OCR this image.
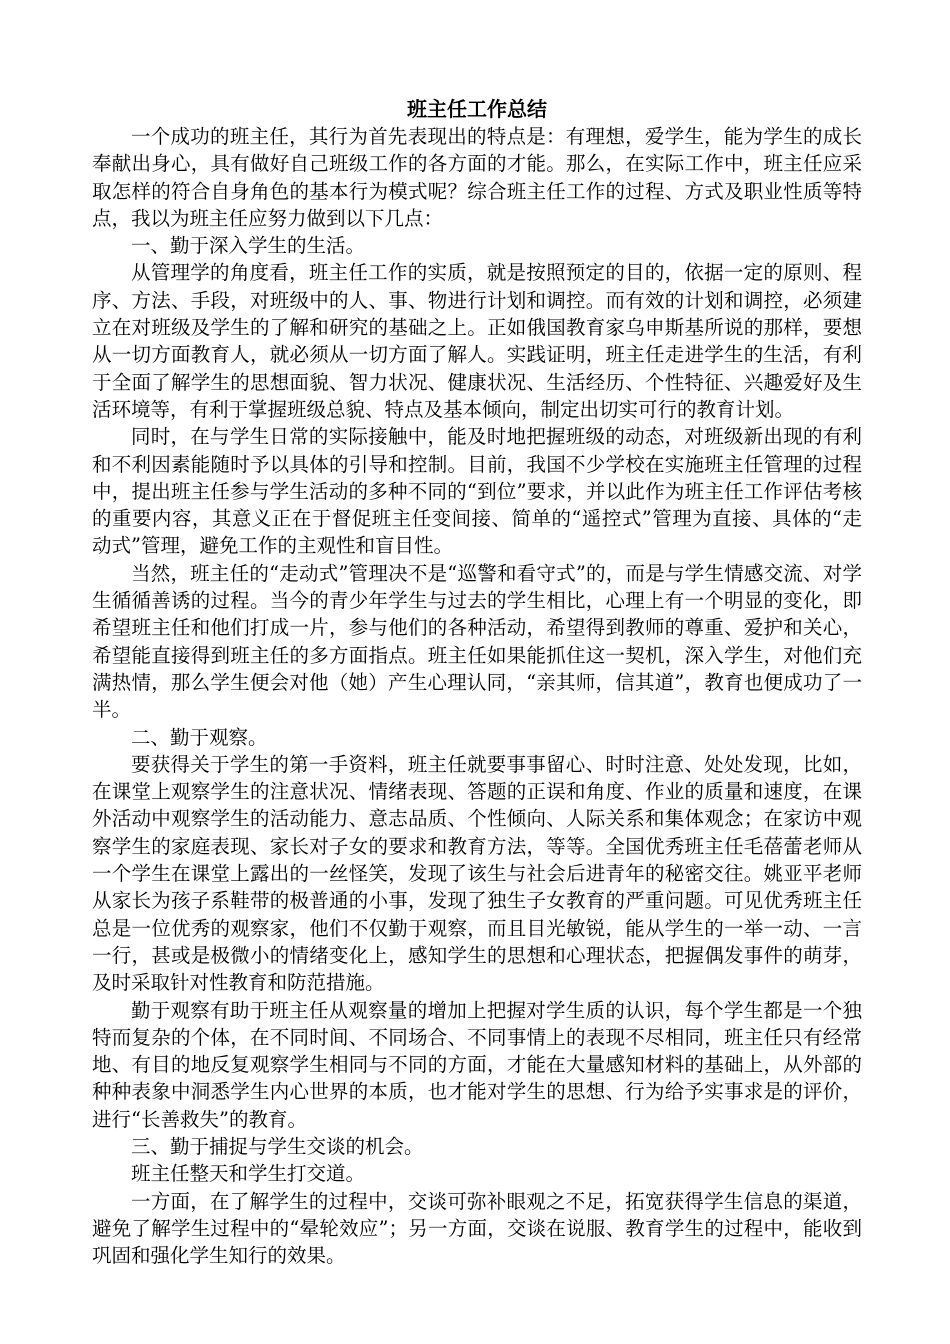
班主任工作总结

一个成功的班主任，其行为首先表现出的特点是：有理想，爱学生，能为学生的成长奉献出身心，具有做好自己班级工作的各方面的才能。那么，在实际工作中，班主任应采取怎样的符合自身角色的基本行为模式呢？综合班主任工作的过程、方式及职业性质等特点，我以为班主任应努力做到以下几点：

一、勤于深入学生的生活。

从管理学的角度看，班主任工作的实质，就是按照预定的目的，依据一定的原则、程序、方法、手段，对班级中的人、事、物进行计划和调控。而有效的计划和调控，必须建立在对班级及学生的了解和研究的基础之上。正如俄国教育家乌申斯基所说的那样，要想从一切方面教育人，就必须从一切方面了解人。实践证明，班主任走进学生的生活，有利于全面了解学生的思想面貌、智力状况、健康状况、生活经历、个性特征、兴趣爱好及生活环境等，有利于掌握班级总貌、特点及基本倾向，制定出切实可行的教育计划。

同时，在与学生日常的实际接触中，能及时地把握班级的动态，对班级新出现的有利和不利因素能随时予以具体的引导和控制。目前，我国不少学校在实施班主任管理的过程中，提出班主任参与学生活动的多种不同的“到位”要求，并以此作为班主任工作评估考核的重要内容，其意义正在于督促班主任变间接、简单的“遥控式”管理为直接、具体的“走动式”管理，避免工作的主观性和盲目性。

当然，班主任的“走动式”管理决不是“巡警和看守式”的，而是与学生情感交流、对学生循循善诱的过程。当今的青少年学生与过去的学生相比，心理上有一个明显的变化，即希望班主任和他们打成一片，参与他们的各种活动，希望得到教师的尊重、爱护和关心，希望能直接得到班主任的多方面指点。班主任如果能抓住这一契机，深入学生，对他们充满热情，那么学生便会对他（她）产生心理认同，“亲其师，信其道”，教育也便成功了一半。

二、勤于观察。

要获得关于学生的第一手资料，班主任就要事事留心、时时注意、处处发现，比如，在课堂上观察学生的注意状况、情绪表现、答题的正误和角度、作业的质量和速度，在课外活动中观察学生的活动能力、意志品质、个性倾向、人际关系和集体观念；在家访中观察学生的家庭表现、家长对子女的要求和教育方法，等等。全国优秀班主任毛蓓蕾老师从一个学生在课堂上露出的一丝怪笑，发现了该生与社会后进青年的秘密交往。姚亚平老师从家长为孩子系鞋带的极普通的小事，发现了独生子女教育的严重问题。可见优秀班主任总是一位优秀的观察家，他们不仅勤于观察，而且目光敏锐，能从学生的一举一动、一言一行，甚或是极微小的情绪变化上，感知学生的思想和心理状态，把握偶发事件的萌芽，及时采取针对性教育和防范措施。

勤于观察有助于班主任从观察量的增加上把握对学生质的认识，每个学生都是一个独特而复杂的个体，在不同时间、不同场合、不同事情上的表现不尽相同，班主任只有经常地、有目的地反复观察学生相同与不同的方面，才能在大量感知材料的基础上，从外部的种种表象中洞悉学生内心世界的本质，也才能对学生的思想、行为给予实事求是的评价，进行“长善救失”的教育。

三、勤于捕捉与学生交谈的机会。

班主任整天和学生打交道。

一方面，在了解学生的过程中，交谈可弥补眼观之不足，拓宽获得学生信息的渠道，避免了解学生过程中的“晕轮效应”；另一方面，交谈在说服、教育学生的过程中，能收到巩固和强化学生知行的效果。
